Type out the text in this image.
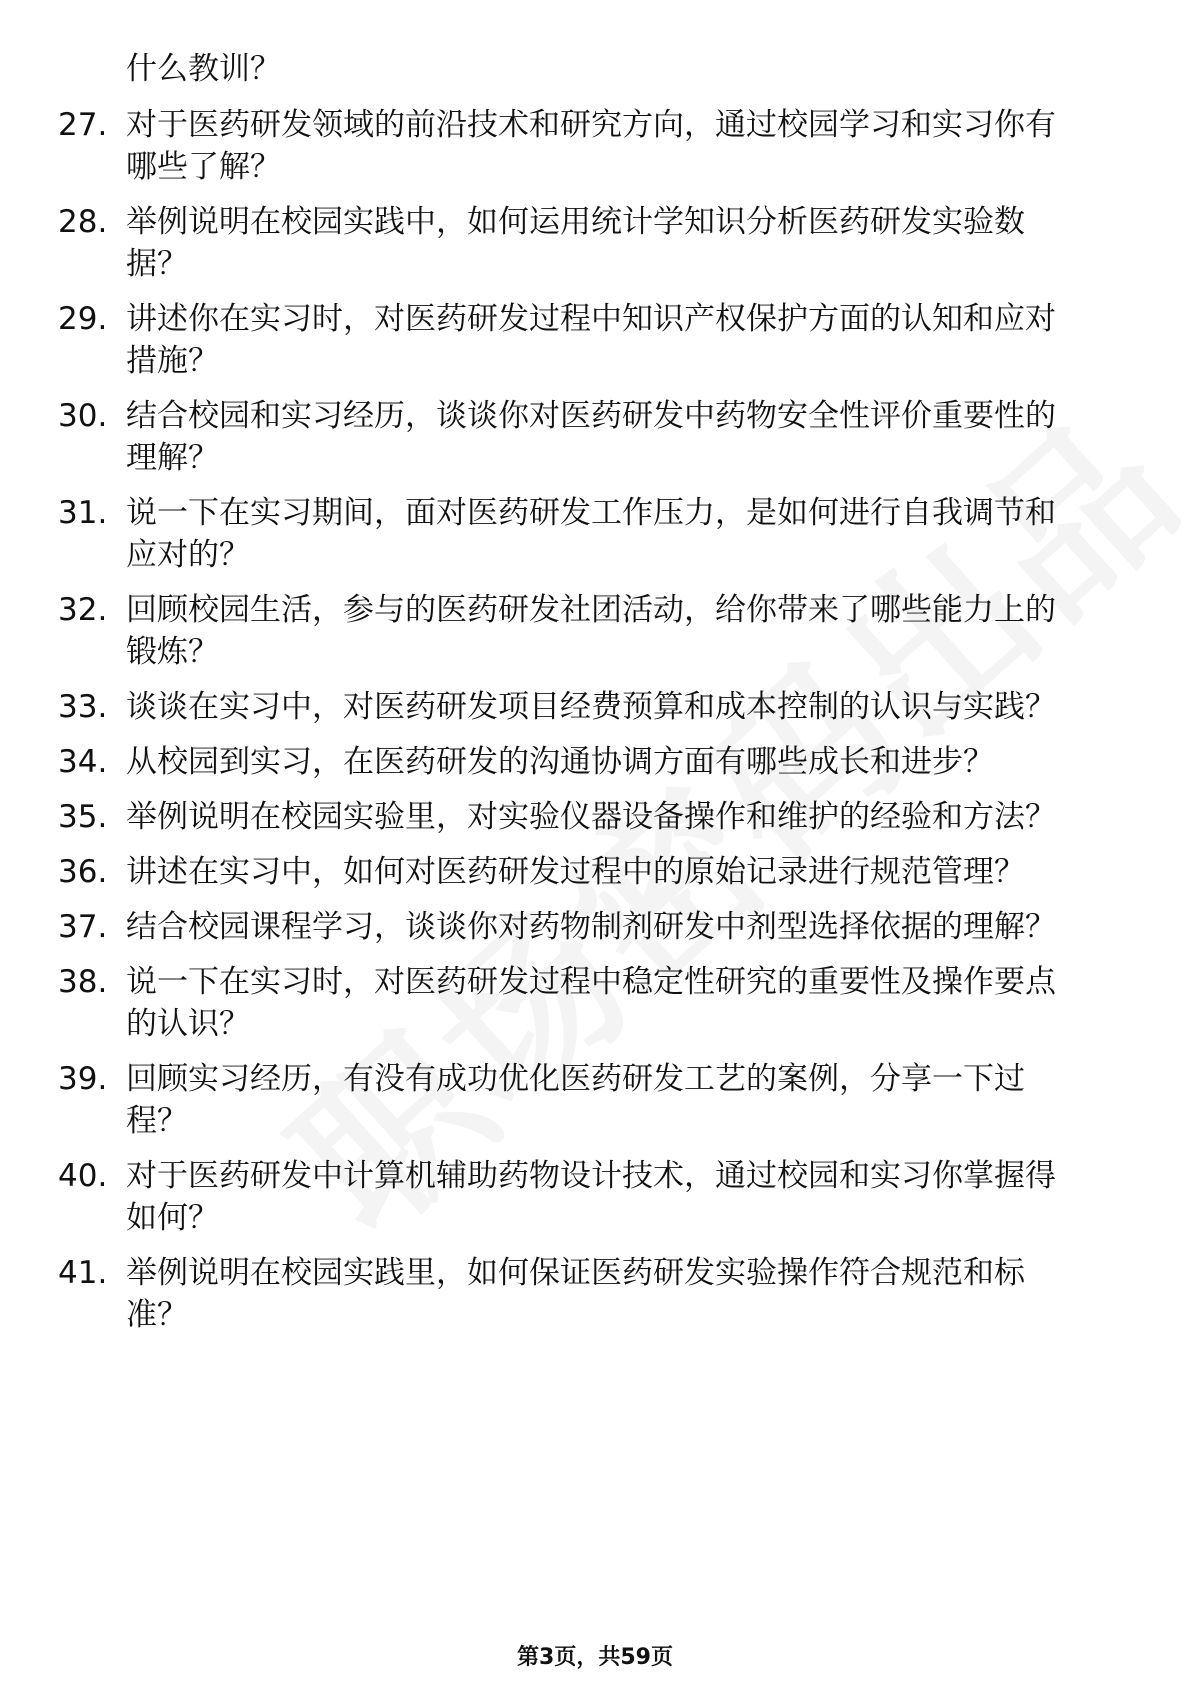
什么教训？
27. 对于医药研发领域的前沿技术和研究方向，通过校园学习和实习你有哪些了解？
28. 举例说明在校园实践中，如何运用统计学知识分析医药研发实验数据？
29. 讲述你在实习时，对医药研发过程中知识产权保护方面的认知和应对措施？
30. 结合校园和实习经历，谈谈你对医药研发中药物安全性评价重要性的理解？
31. 说一下在实习期间，面对医药研发工作压力，是如何进行自我调节和应对的？
32. 回顾校园生活，参与的医药研发社团活动，给你带来了哪些能力上的锻炼？
33. 谈谈在实习中，对医药研发项目经费预算和成本控制的认识与实践？
34. 从校园到实习，在医药研发的沟通协调方面有哪些成长和进步？
35. 举例说明在校园实验里，对实验仪器设备操作和维护的经验和方法？
36. 讲述在实习中，如何对医药研发过程中的原始记录进行规范管理？
37. 结合校园课程学习，谈谈你对药物制剂研发中剂型选择依据的理解？
38. 说一下在实习时，对医药研发过程中稳定性研究的重要性及操作要点的认识？
39. 回顾实习经历，有没有成功优化医药研发工艺的案例，分享一下过程？
40. 对于医药研发中计算机辅助药物设计技术，通过校园和实习你掌握得如何？
41. 举例说明在校园实践里，如何保证医药研发实验操作符合规范和标准？
第3页，共59页
